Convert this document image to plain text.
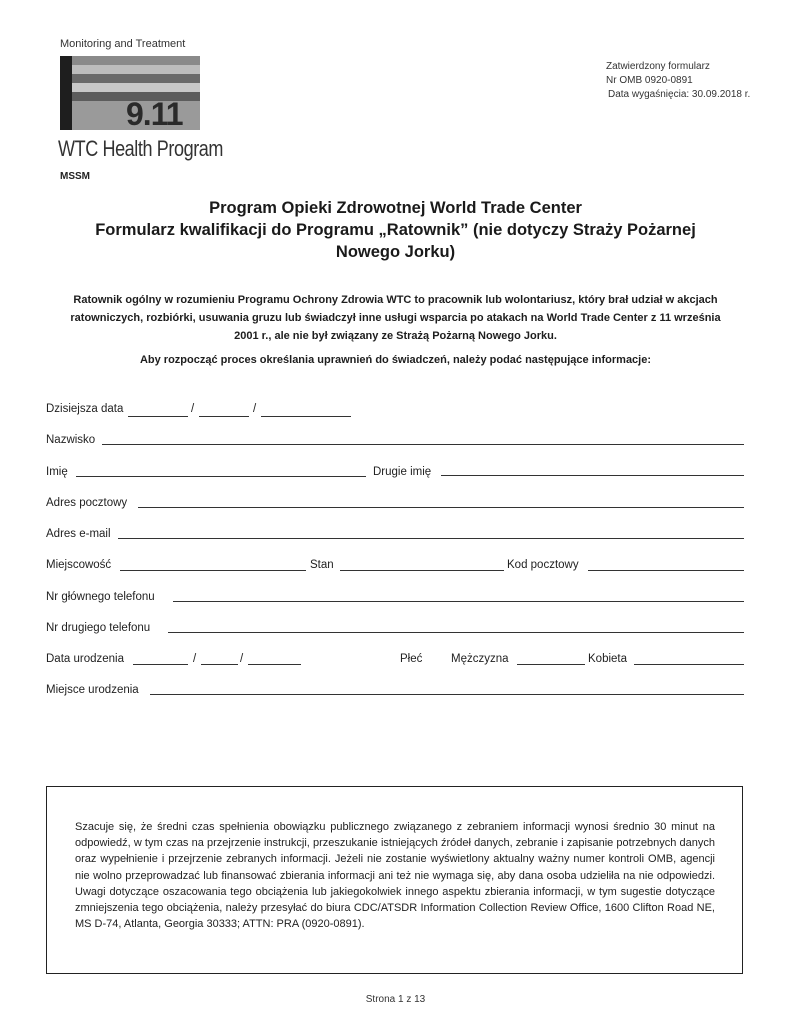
Monitoring and Treatment
9.11
WTC Health Program
MSSM
Zatwierdzony formularz
Nr OMB 0920-0891
Data wygaśnięcia: 30.09.2018 r.
Program Opieki Zdrowotnej World Trade Center
Formularz kwalifikacji do Programu „Ratownik” (nie dotyczy Straży Pożarnej
Nowego Jorku)
Ratownik ogólny w rozumieniu Programu Ochrony Zdrowia WTC to pracownik lub wolontariusz, który brał udział w akcjach ratowniczych, rozbiórki, usuwania gruzu lub świadczył inne usługi wsparcia po atakach na World Trade Center z 11 września 2001 r., ale nie był związany ze Strażą Pożarną Nowego Jorku.
Aby rozpocząć proces określania uprawnień do świadczeń, należy podać następujące informacje:
Dzisiejsza data	/	/
Nazwisko
Imię	Drugie imię
Adres pocztowy
Adres e-mail
Miejscowość	Stan	Kod pocztowy
Nr głównego telefonu
Nr drugiego telefonu
Data urodzenia	/	/	Płeć Mężczyzna	Kobieta
Miejsce urodzenia
Szacuje się, że średni czas spełnienia obowiązku publicznego związanego z zebraniem informacji wynosi średnio 30 minut na odpowiedź, w tym czas na przejrzenie instrukcji, przeszukanie istniejących źródeł danych, zebranie i zapisanie potrzebnych danych oraz wypełnienie i przejrzenie zebranych informacji. Jeżeli nie zostanie wyświetlony aktualny ważny numer kontroli OMB, agencji nie wolno przeprowadzać lub finansować zbierania informacji ani też nie wymaga się, aby dana osoba udzieliła na nie odpowiedzi. Uwagi dotyczące oszacowania tego obciążenia lub jakiegokolwiek innego aspektu zbierania informacji, w tym sugestie dotyczące zmniejszenia tego obciążenia, należy przesyłać do biura CDC/ATSDR Information Collection Review Office, 1600 Clifton Road NE, MS D-74, Atlanta, Georgia 30333; ATTN: PRA (0920-0891).
Strona 1 z 13
